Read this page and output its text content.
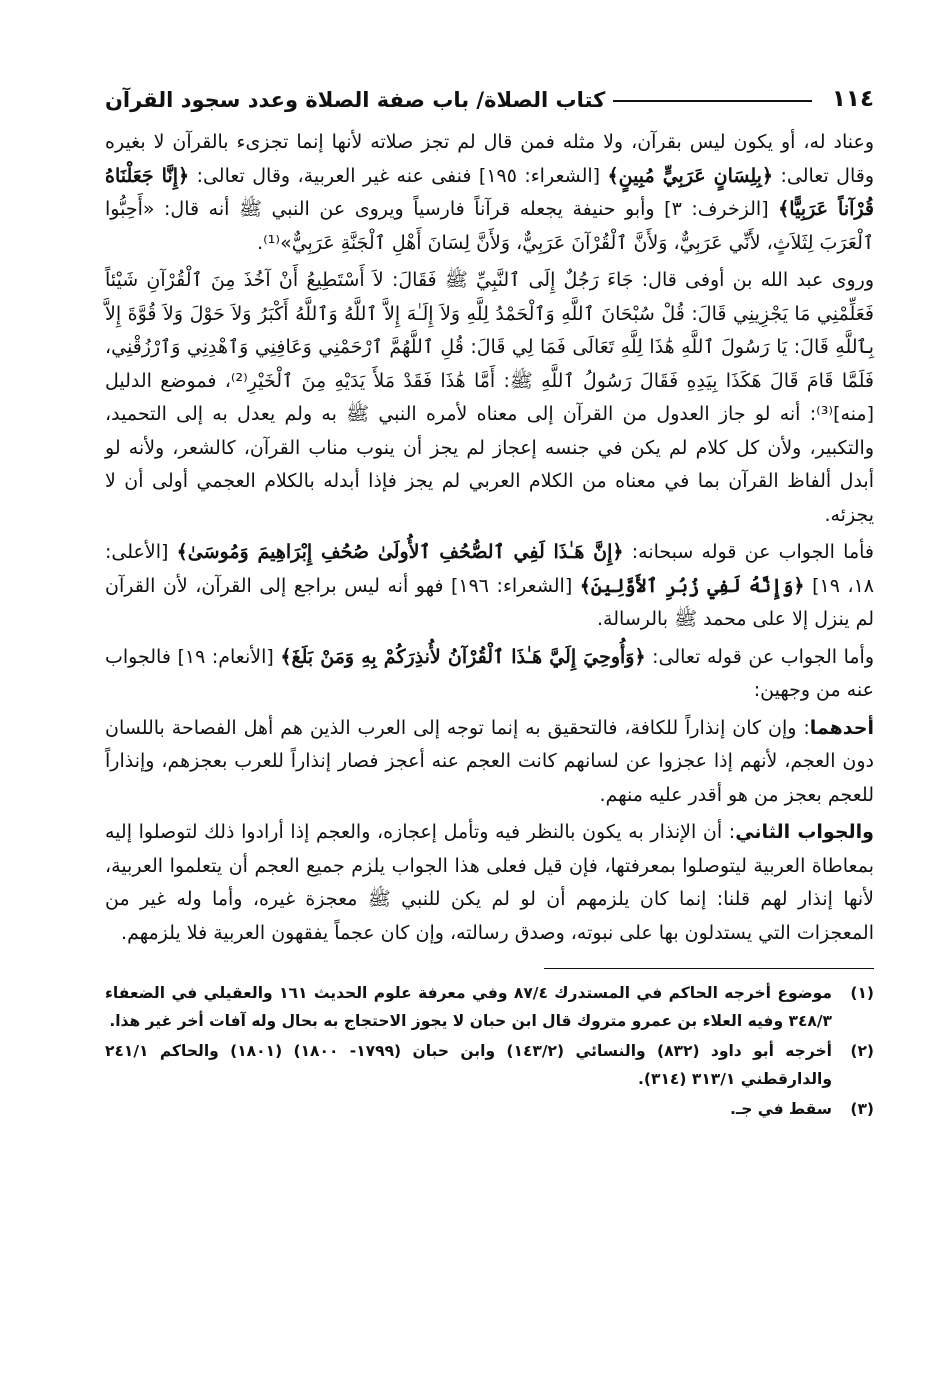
١١٤
كتاب الصلاة/ باب صفة الصلاة وعدد سجود القرآن

وعناد له، أو يكون ليس بقرآن، ولا مثله فمن قال لم تجز صلاته لأنها إنما تجزىء بالقرآن لا بغيره وقال تعالى: ﴿بِلِسَانٍ عَرَبِيٍّ مُبِينٍ﴾ [الشعراء: ١٩٥] فنفى عنه غير العربية، وقال تعالى: ﴿إِنَّا جَعَلْنَاهُ قُرْآناً عَرَبِيًّا﴾ [الزخرف: ٣] وأبو حنيفة يجعله قرآناً فارسياً ويروى عن النبي ﷺ أنه قال: «أَحِبُّوا ٱلْعَرَبَ لِثَلاَثٍ، لأَنِّي عَرَبِيٌّ، وَلأَنَّ ٱلْقُرْآنَ عَرَبِيٌّ، وَلأَنَّ لِسَانَ أَهْلِ ٱلْجَنَّةِ عَرَبِيٌّ»⁽¹⁾.

وروى عبد الله بن أوفى قال: جَاءَ رَجُلٌ إِلَى ٱلنَّبِيِّ ﷺ فَقَالَ: لاَ أَسْتَطِيعُ أَنْ آخُذَ مِنَ ٱلْقُرْآنِ شَيْئاً فَعَلِّمْنِي مَا يَجْزِينِي قَالَ: قُلْ سُبْحَانَ ٱللَّهِ وَٱلْحَمْدُ لِلَّهِ وَلاَ إِلَـٰهَ إِلاَّ ٱللَّهُ وَٱللَّهُ أَكْبَرُ وَلاَ حَوْلَ وَلاَ قُوَّةَ إِلاَّ بِٱللَّهِ قَالَ: يَا رَسُولَ ٱللَّهِ هَٰذَا لِلَّهِ تَعَالَى فَمَا لِي قَالَ: قُلِ ٱللَّهُمَّ ٱرْحَمْنِي وَعَافِنِي وَٱهْدِنِي وَٱرْزُقْنِي، فَلَمَّا قَامَ قَالَ هَكَذَا بِيَدِهِ فَقَالَ رَسُولُ ٱللَّهِ ﷺ: أَمَّا هَٰذَا فَقَدْ مَلأَ يَدَيْهِ مِنَ ٱلْخَيْرِ⁽²⁾، فموضع الدليل [منه]⁽³⁾: أنه لو جاز العدول من القرآن إلى معناه لأمره النبي ﷺ به ولم يعدل به إلى التحميد، والتكبير، ولأن كل كلام لم يكن في جنسه إعجاز لم يجز أن ينوب مناب القرآن، كالشعر، ولأنه لو أبدل ألفاظ القرآن بما في معناه من الكلام العربي لم يجز فإذا أبدله بالكلام العجمي أولى أن لا يجزئه.

فأما الجواب عن قوله سبحانه: ﴿إِنَّ هَـٰذَا لَفِي ٱلصُّحُفِ ٱلأُولَىٰ صُحُفِ إِبْرَاهِيمَ وَمُوسَىٰ﴾ [الأعلى: ١٨، ١٩] ﴿وَإِنَّهُ لَفِي زُبُرِ ٱلأَوَّلِينَ﴾ [الشعراء: ١٩٦] فهو أنه ليس براجع إلى القرآن، لأن القرآن لم ينزل إلا على محمد ﷺ بالرسالة.

وأما الجواب عن قوله تعالى: ﴿وَأُوحِيَ إِلَيَّ هَـٰذَا ٱلْقُرْآنُ لأُنذِرَكُمْ بِهِ وَمَنْ بَلَغَ﴾ [الأنعام: ١٩] فالجواب عنه من وجهين:

أحدهما: وإن كان إنذاراً للكافة، فالتحقيق به إنما توجه إلى العرب الذين هم أهل الفصاحة باللسان دون العجم، لأنهم إذا عجزوا عن لسانهم كانت العجم عنه أعجز فصار إنذاراً للعرب بعجزهم، وإنذاراً للعجم بعجز من هو أقدر عليه منهم.

والجواب الثاني: أن الإنذار به يكون بالنظر فيه وتأمل إعجازه، والعجم إذا أرادوا ذلك لتوصلوا إليه بمعاطاة العربية ليتوصلوا بمعرفتها، فإن قيل فعلى هذا الجواب يلزم جميع العجم أن يتعلموا العربية، لأنها إنذار لهم قلنا: إنما كان يلزمهم أن لو لم يكن للنبي ﷺ معجزة غيره، وأما وله غير من المعجزات التي يستدلون بها على نبوته، وصدق رسالته، وإن كان عجماً يفقهون العربية فلا يلزمهم.

(١)
موضوع أخرجه الحاكم في المستدرك ٨٧/٤ وفي معرفة علوم الحديث ١٦١ والعقيلي في الضعفاء ٣٤٨/٣ وفيه العلاء بن عمرو متروك قال ابن حبان لا يجوز الاحتجاج به بحال وله آفات أخر غير هذا.
(٢)
أخرجه أبو داود (٨٣٢) والنسائي (١٤٣/٢) وابن حبان (١٧٩٩- ١٨٠٠) (١٨٠١) والحاكم ٢٤١/١ والدارقطني ٣١٣/١ (٣١٤).
(٣)
سقط في جـ.
